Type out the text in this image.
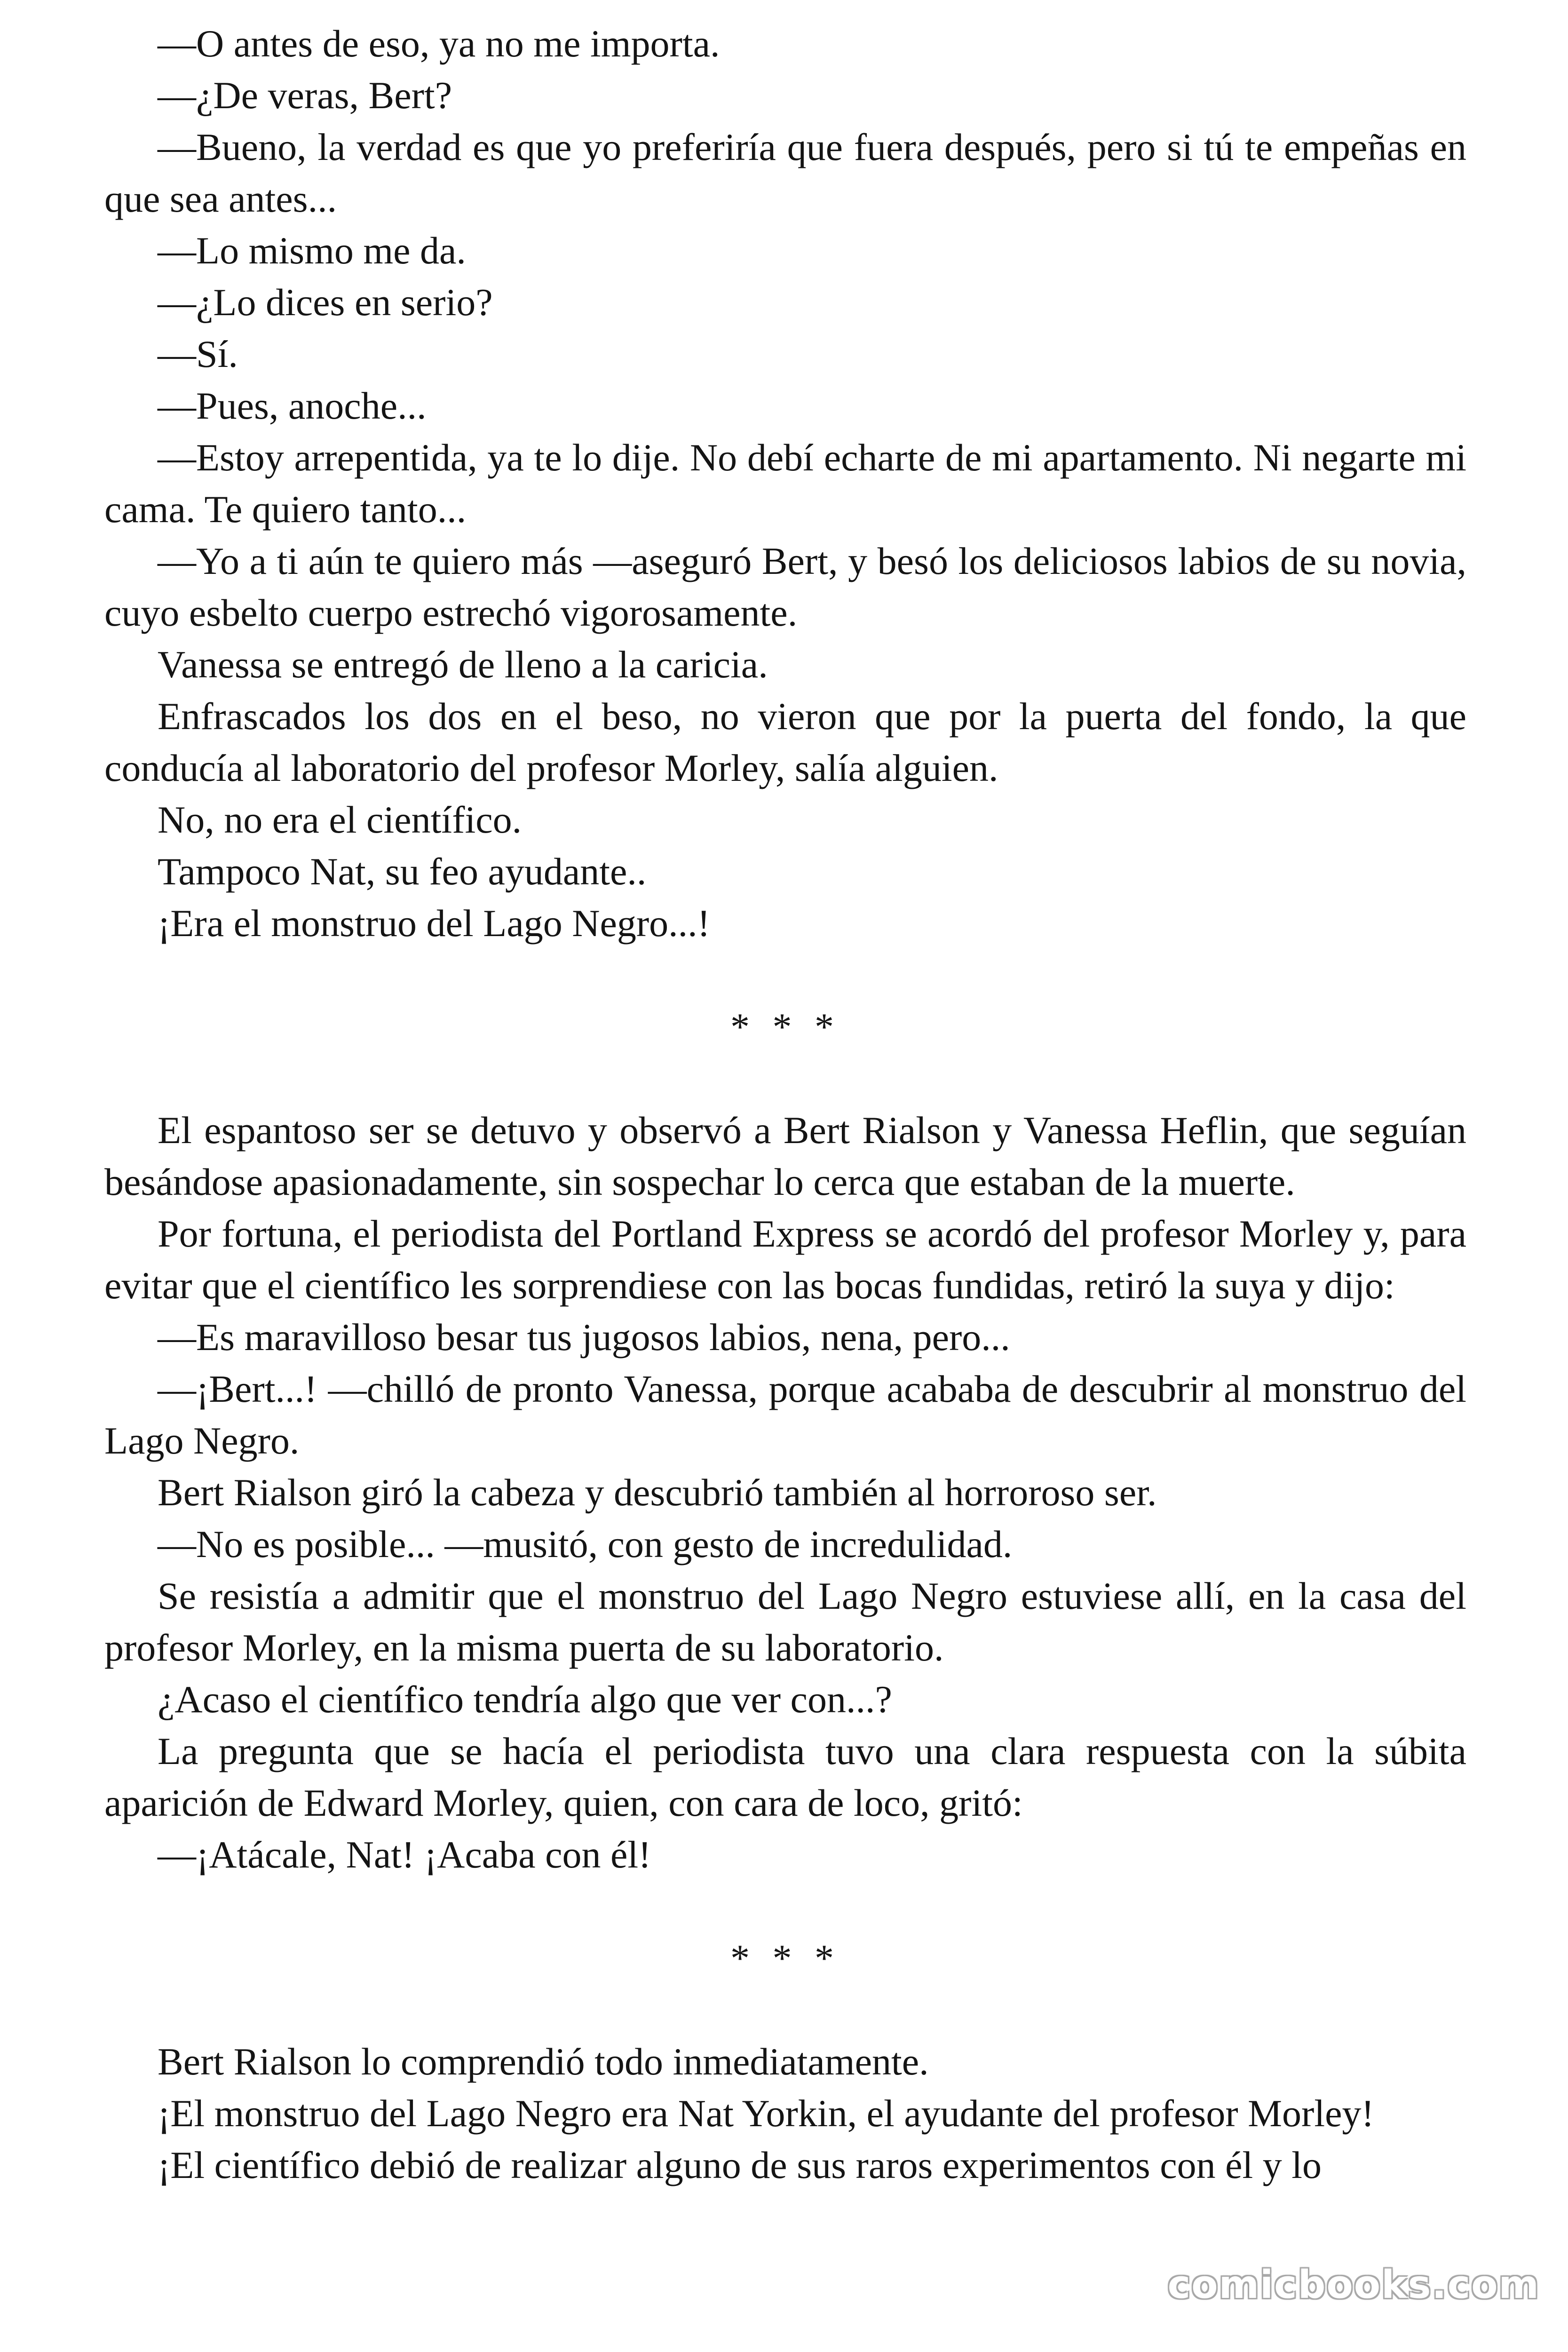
—O antes de eso, ya no me importa.

—¿De veras, Bert?

—Bueno, la verdad es que yo preferiría que fuera después, pero si tú te empeñas en que sea antes...

—Lo mismo me da.

—¿Lo dices en serio?

—Sí.

—Pues, anoche...

—Estoy arrepentida, ya te lo dije. No debí echarte de mi apartamento. Ni negarte mi cama. Te quiero tanto...

—Yo a ti aún te quiero más —aseguró Bert, y besó los deliciosos labios de su novia, cuyo esbelto cuerpo estrechó vigorosamente.

Vanessa se entregó de lleno a la caricia.

Enfrascados los dos en el beso, no vieron que por la puerta del fondo, la que conducía al laboratorio del profesor Morley, salía alguien.

No, no era el científico.

Tampoco Nat, su feo ayudante..

¡Era el monstruo del Lago Negro...!

* * *

El espantoso ser se detuvo y observó a Bert Rialson y Vanessa Heflin, que seguían besándose apasionadamente, sin sospechar lo cerca que estaban de la muerte.

Por fortuna, el periodista del Portland Express se acordó del profesor Morley y, para evitar que el científico les sorprendiese con las bocas fundidas, retiró la suya y dijo:

—Es maravilloso besar tus jugosos labios, nena, pero...

—¡Bert...! —chilló de pronto Vanessa, porque acababa de descubrir al monstruo del Lago Negro.

Bert Rialson giró la cabeza y descubrió también al horroroso ser.

—No es posible... —musitó, con gesto de incredulidad.

Se resistía a admitir que el monstruo del Lago Negro estuviese allí, en la casa del profesor Morley, en la misma puerta de su laboratorio.

¿Acaso el científico tendría algo que ver con...?

La pregunta que se hacía el periodista tuvo una clara respuesta con la súbita aparición de Edward Morley, quien, con cara de loco, gritó:

—¡Atácale, Nat! ¡Acaba con él!

* * *

Bert Rialson lo comprendió todo inmediatamente.

¡El monstruo del Lago Negro era Nat Yorkin, el ayudante del profesor Morley!

¡El científico debió de realizar alguno de sus raros experimentos con él y lo

comicbooks.com
